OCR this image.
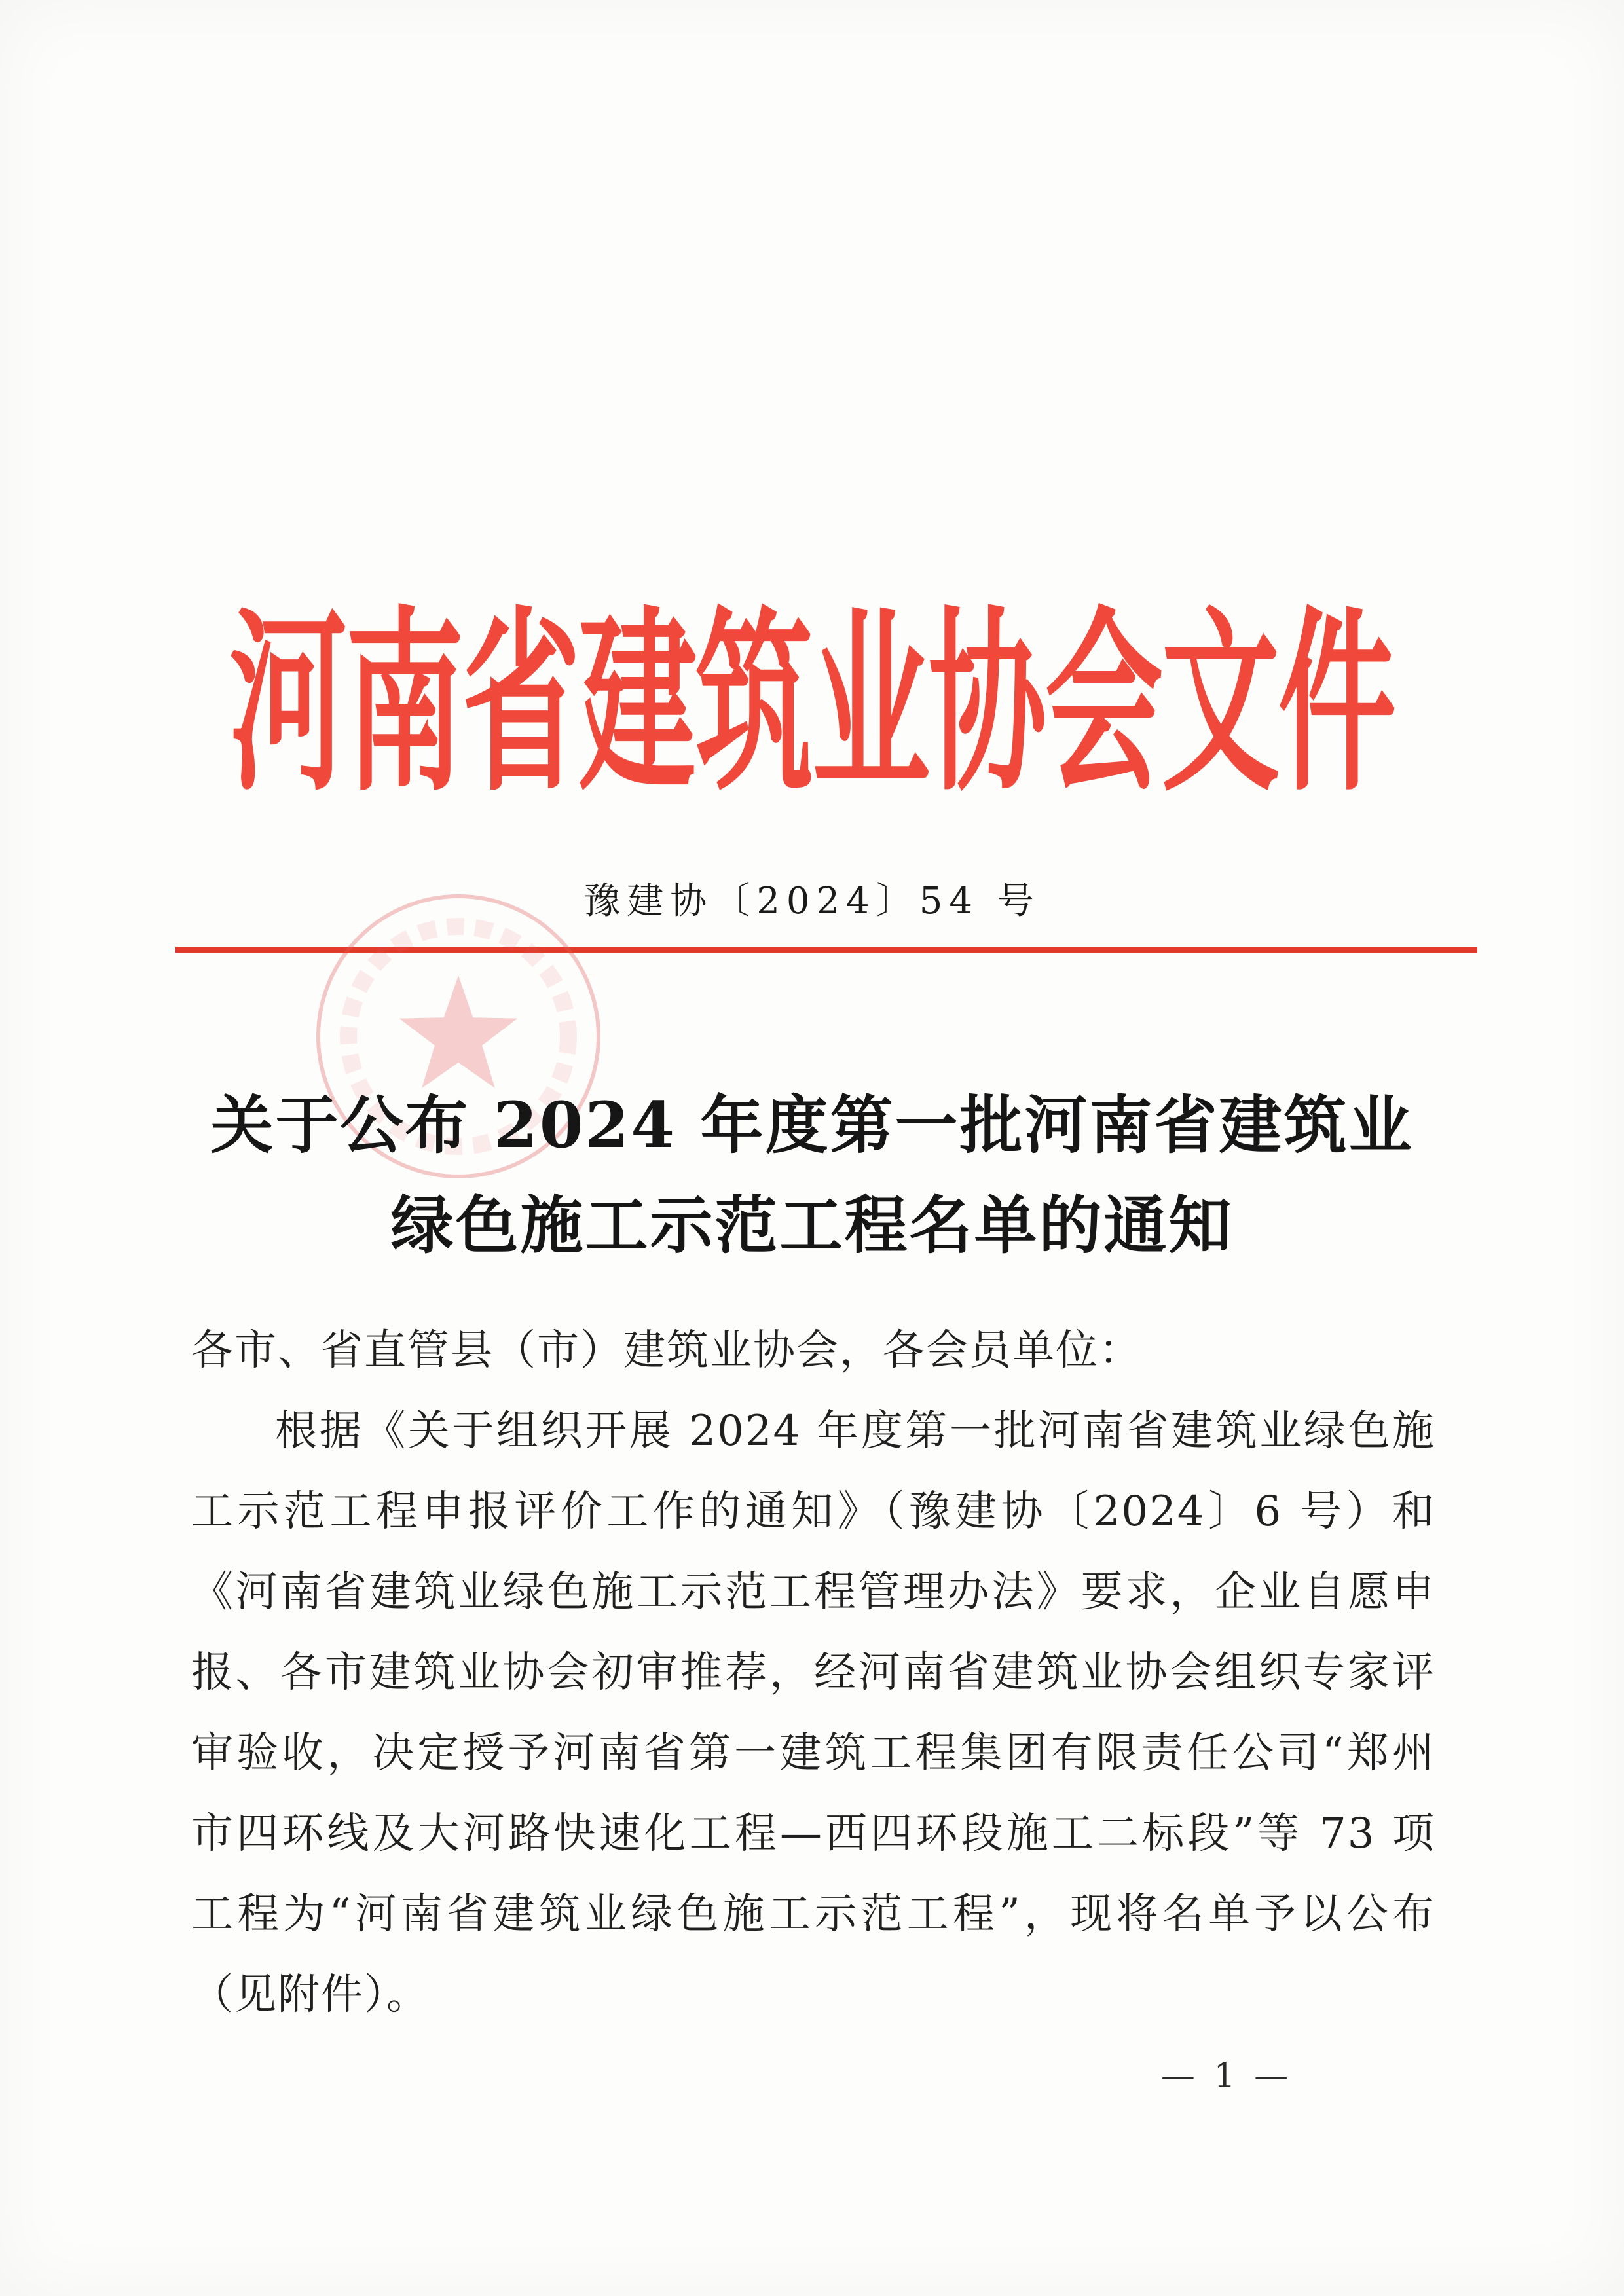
河南省建筑业协会文件
豫建协〔2024〕54 号
关于公布 2024 年度第一批河南省建筑业
绿色施工示范工程名单的通知
各市、省直管县（市）建筑业协会，各会员单位：
根据《关于组织开展 2024 年度第一批河南省建筑业绿色施
工示范工程申报评价工作的通知》（豫建协〔2024〕6 号）和
《河南省建筑业绿色施工示范工程管理办法》要求，企业自愿申
报、各市建筑业协会初审推荐，经河南省建筑业协会组织专家评
审验收，决定授予河南省第一建筑工程集团有限责任公司“郑州
市四环线及大河路快速化工程—西四环段施工二标段”等 73 项
工程为“河南省建筑业绿色施工示范工程”，现将名单予以公布
（见附件）。
— 1 —
